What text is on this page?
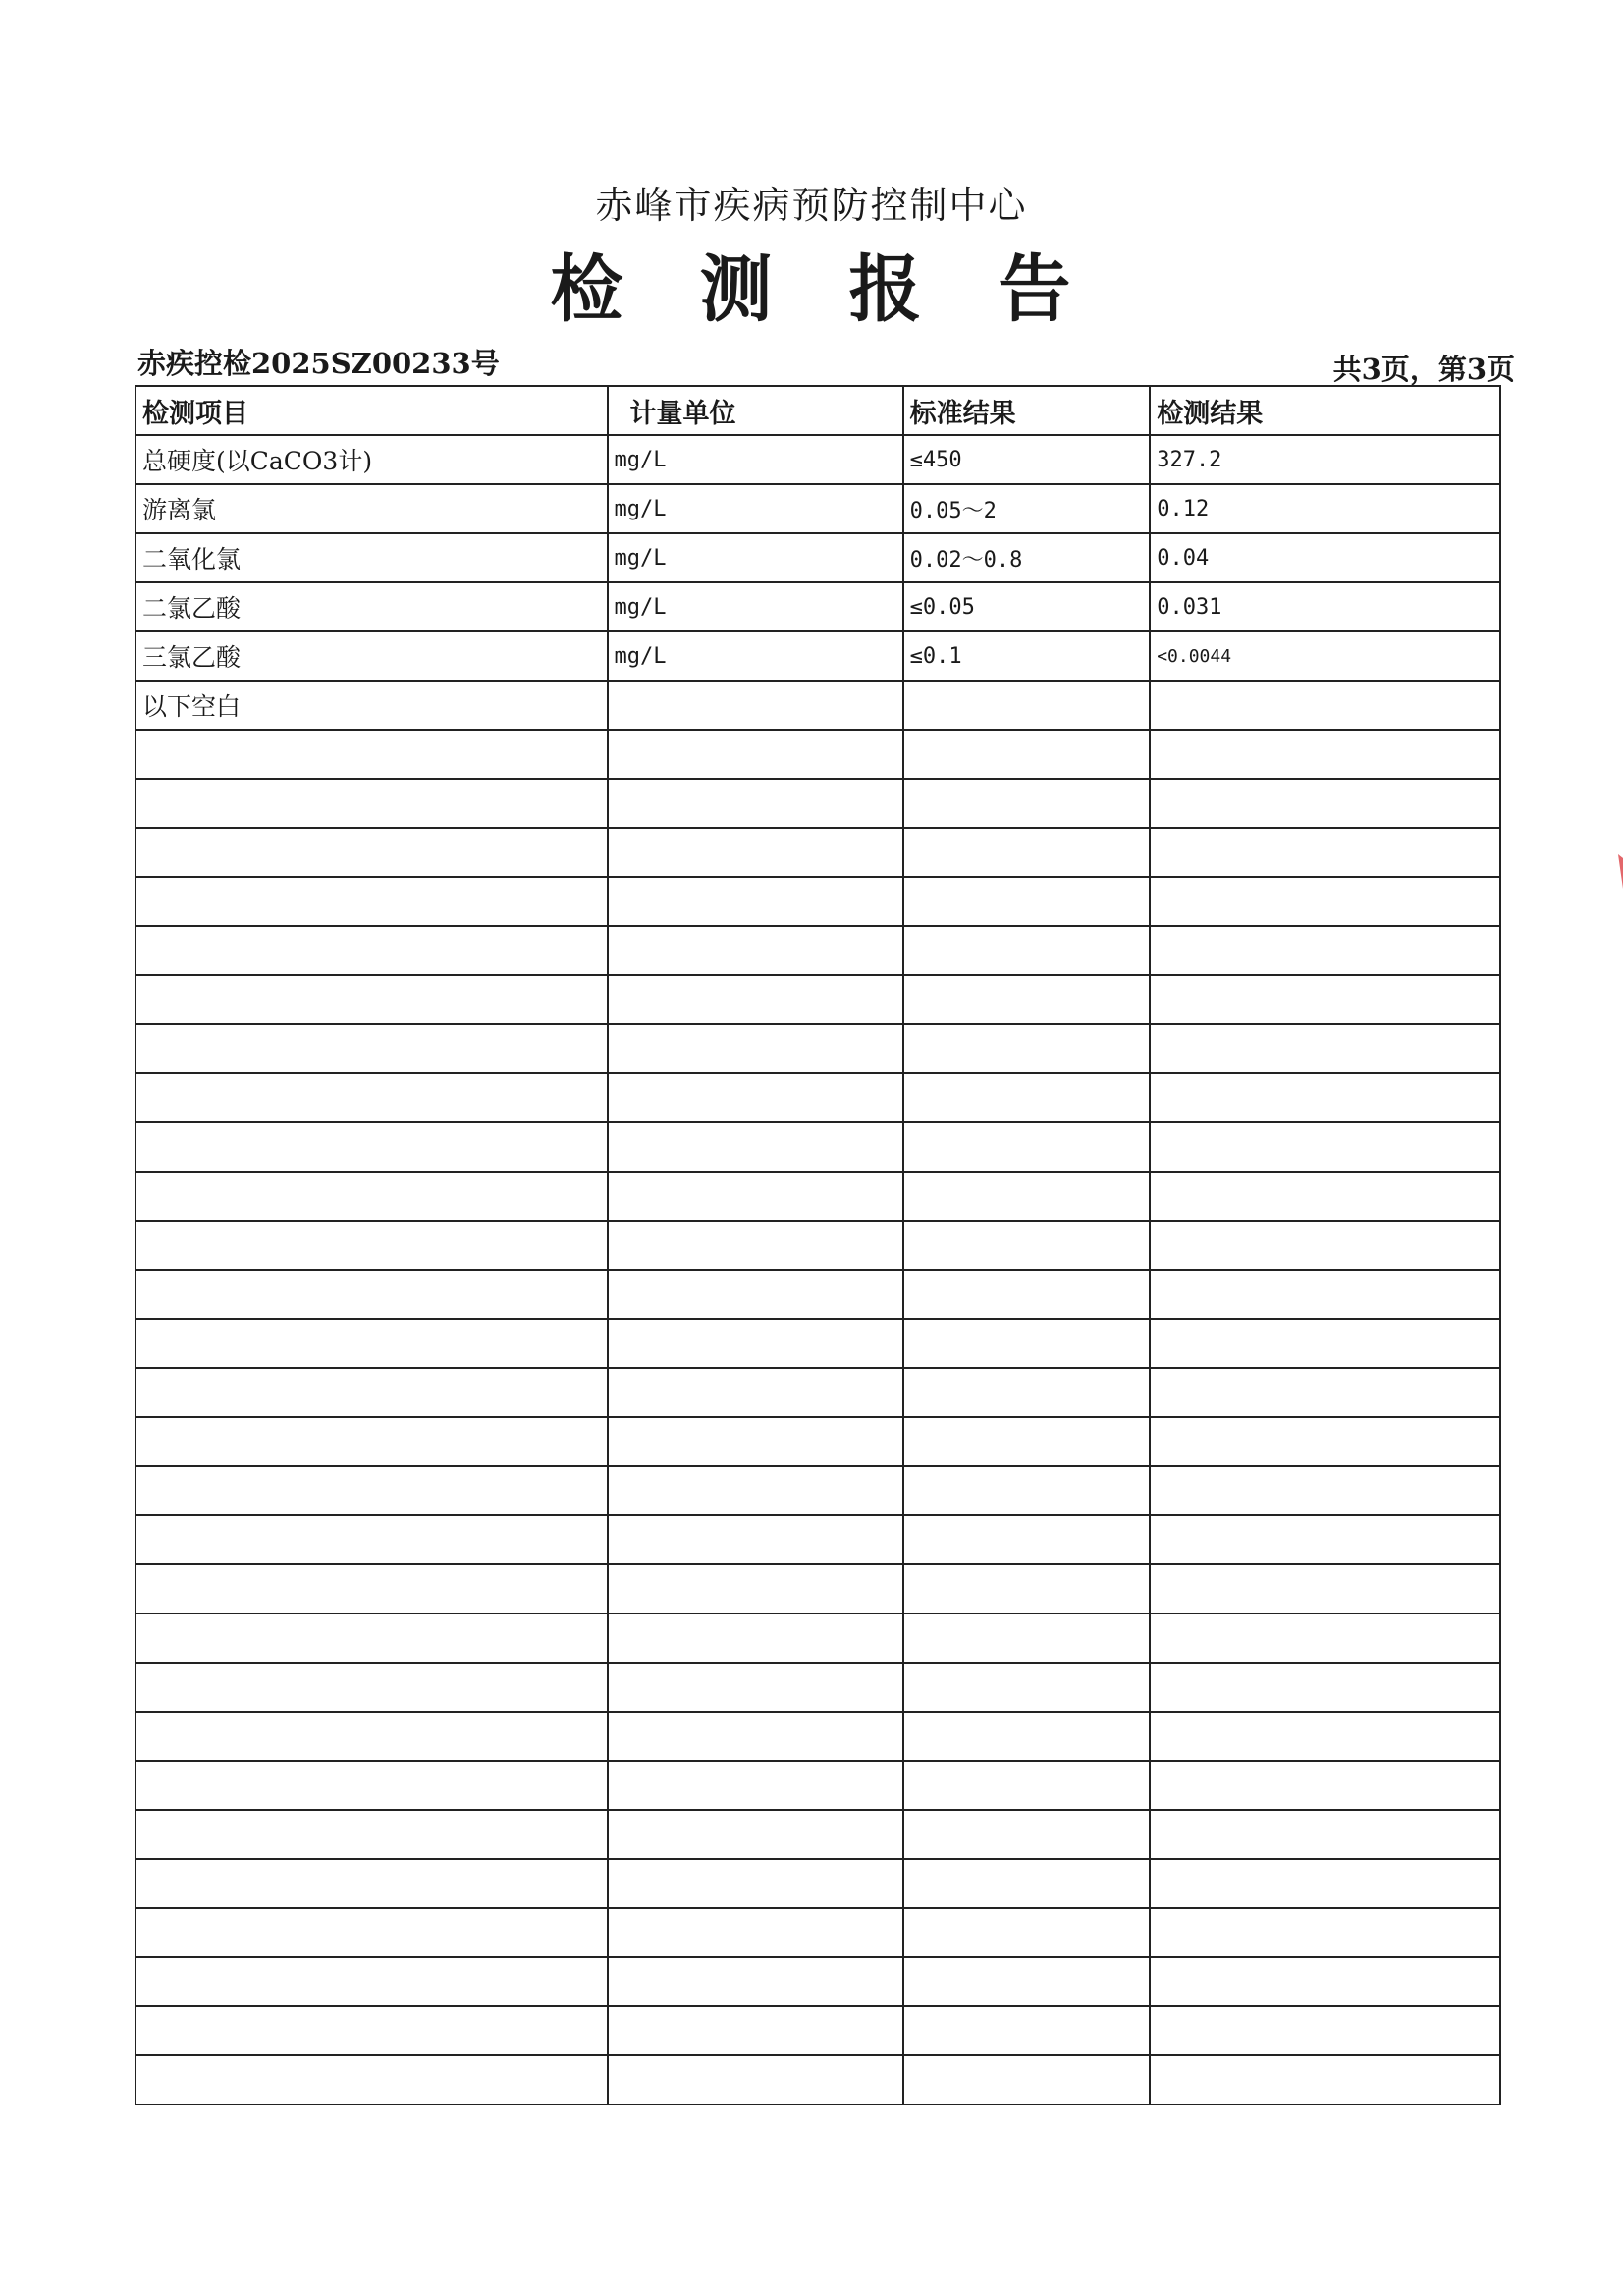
赤峰市疾病预防控制中心
检 测 报 告
赤疾控检2025SZ00233号	共3页，第3页
检测项目	计量单位	标准结果	检测结果
总硬度(以CaCO3计)	mg/L	≤450	327.2
游离氯	mg/L	0.05～2	0.12
二氧化氯	mg/L	0.02～0.8	0.04
二氯乙酸	mg/L	≤0.05	0.031
三氯乙酸	mg/L	≤0.1	<0.0044
以下空白			
